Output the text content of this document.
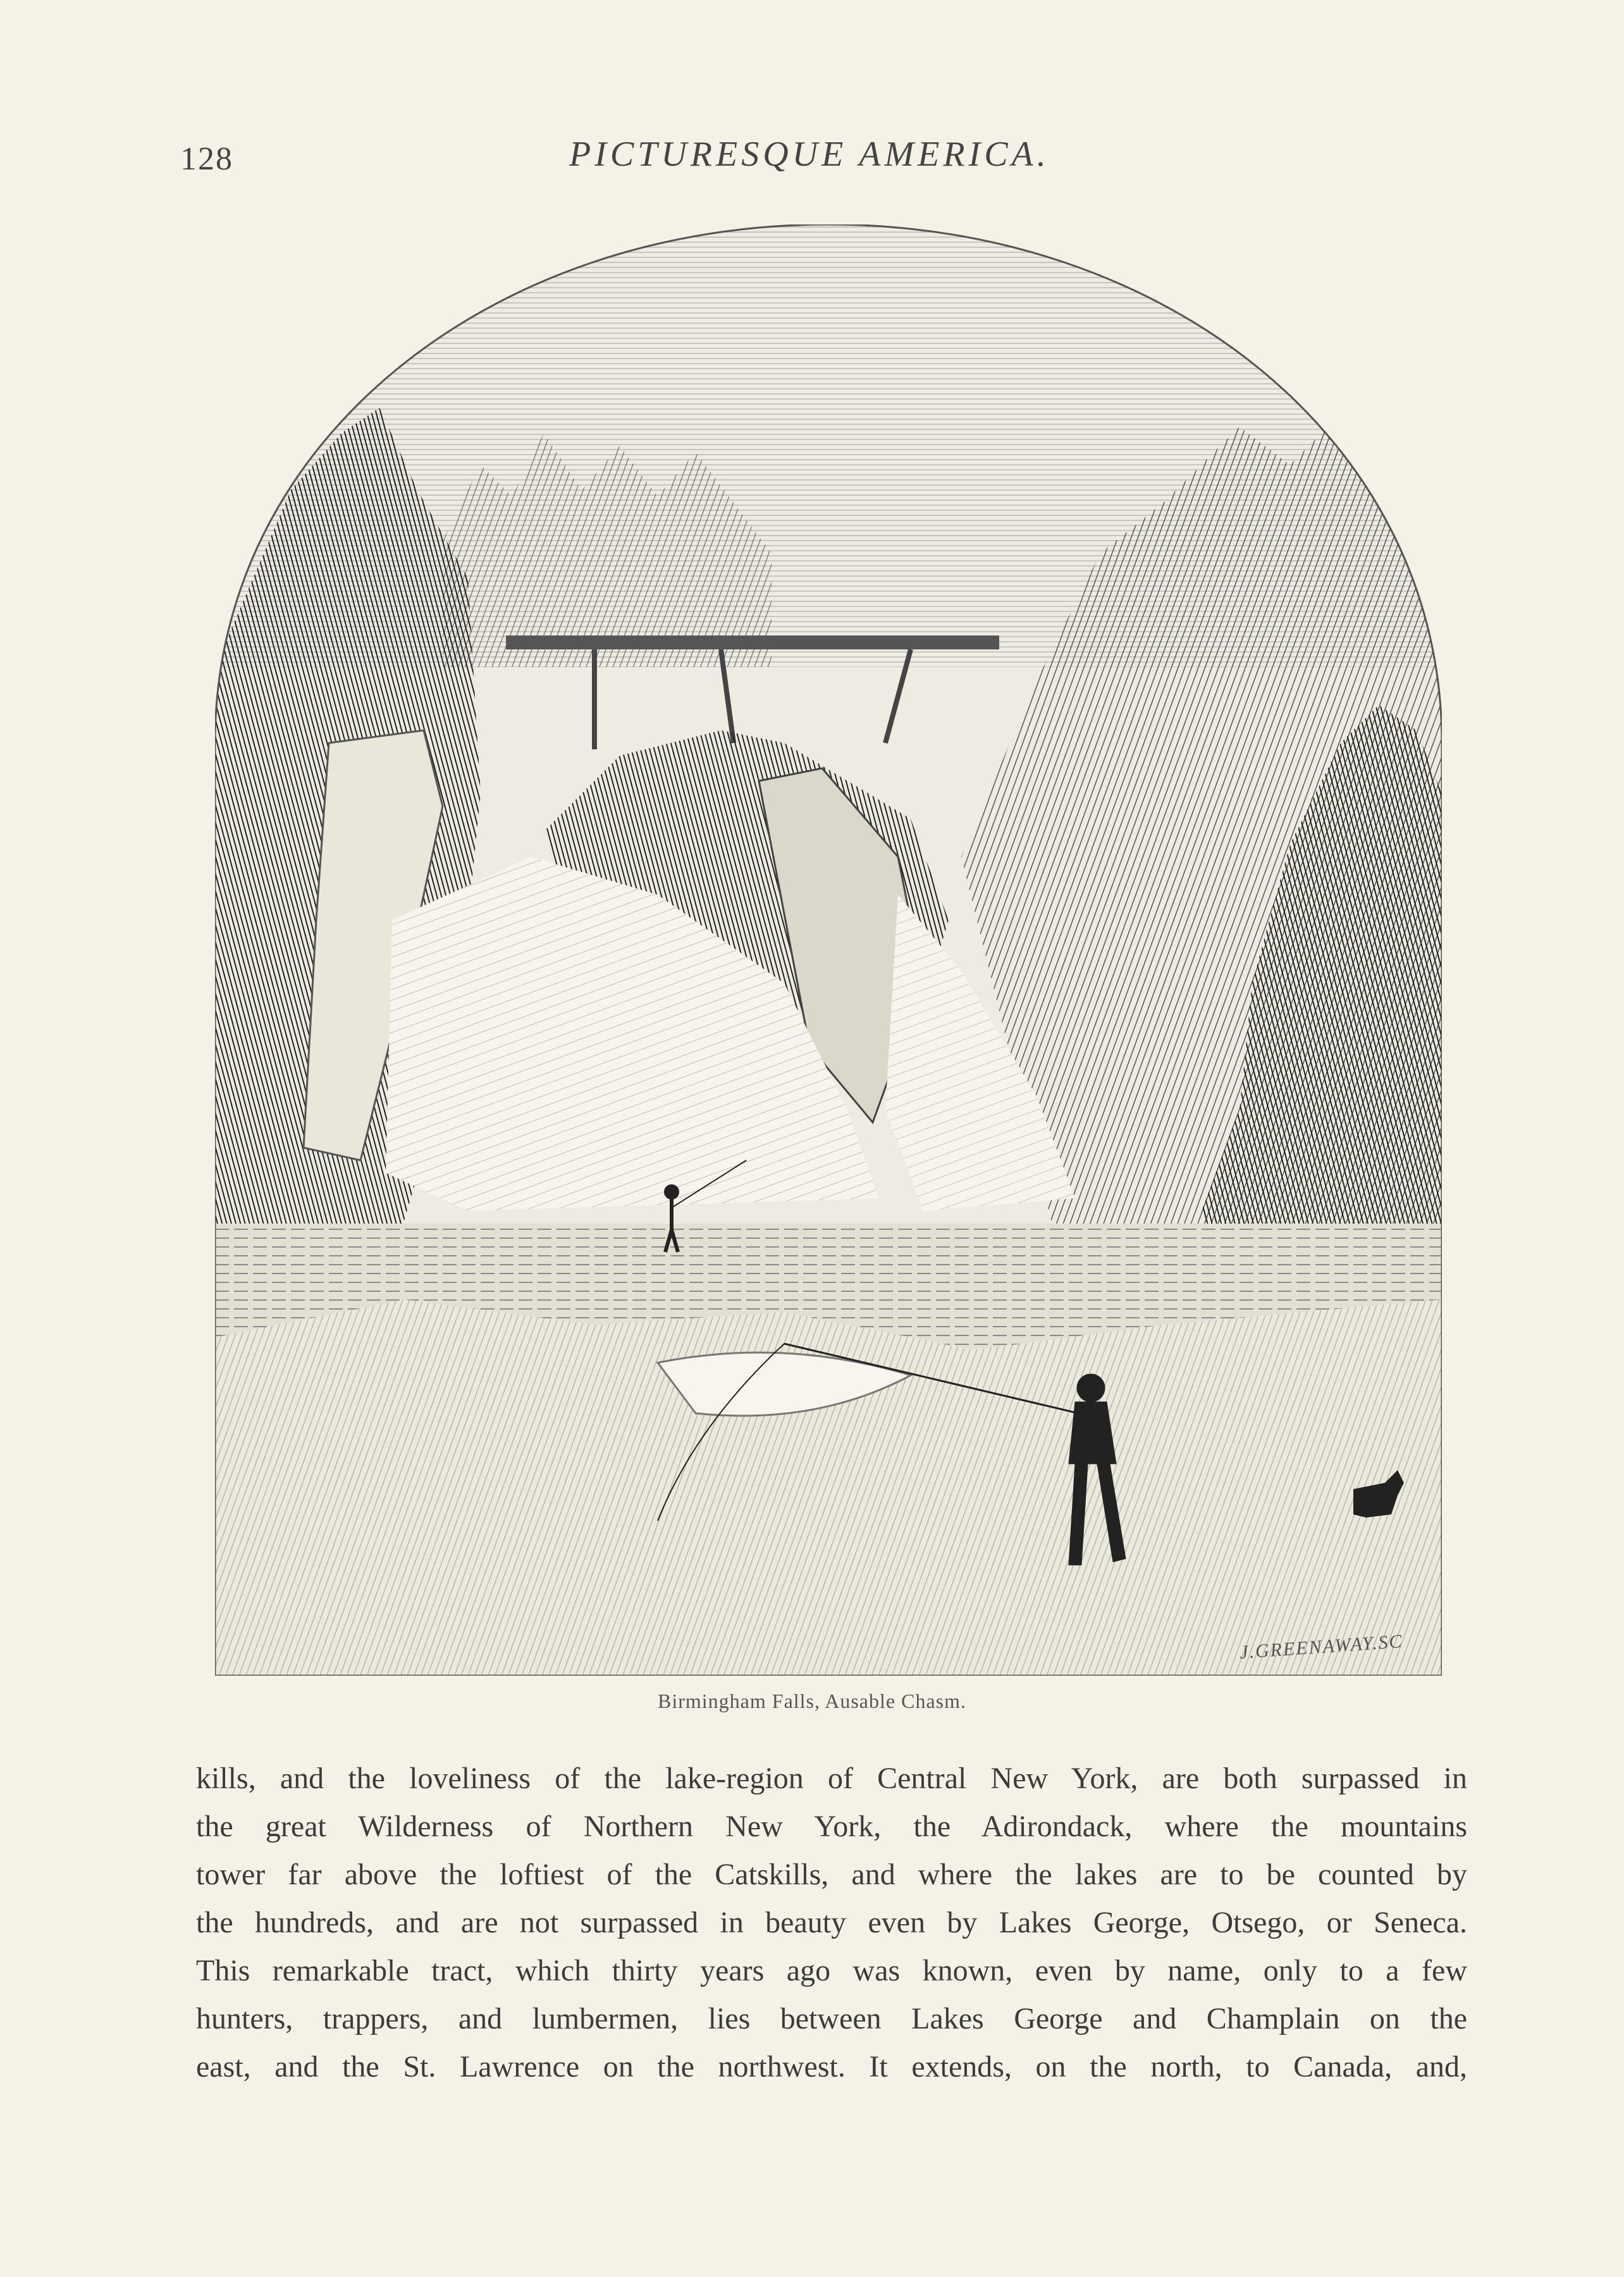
128	PICTURESQUE AMERICA.
J.GREENAWAY.SC
Birmingham Falls, Ausable Chasm.
kills, and the loveliness of the lake-region of Central New York, are both surpassed in
the great Wilderness of Northern New York, the Adirondack, where the mountains
tower far above the loftiest of the Catskills, and where the lakes are to be counted by
the hundreds, and are not surpassed in beauty even by Lakes George, Otsego, or Seneca.
This remarkable tract, which thirty years ago was known, even by name, only to a few
hunters, trappers, and lumbermen, lies between Lakes George and Champlain on the
east, and the St. Lawrence on the northwest. It extends, on the north, to Canada, and,
